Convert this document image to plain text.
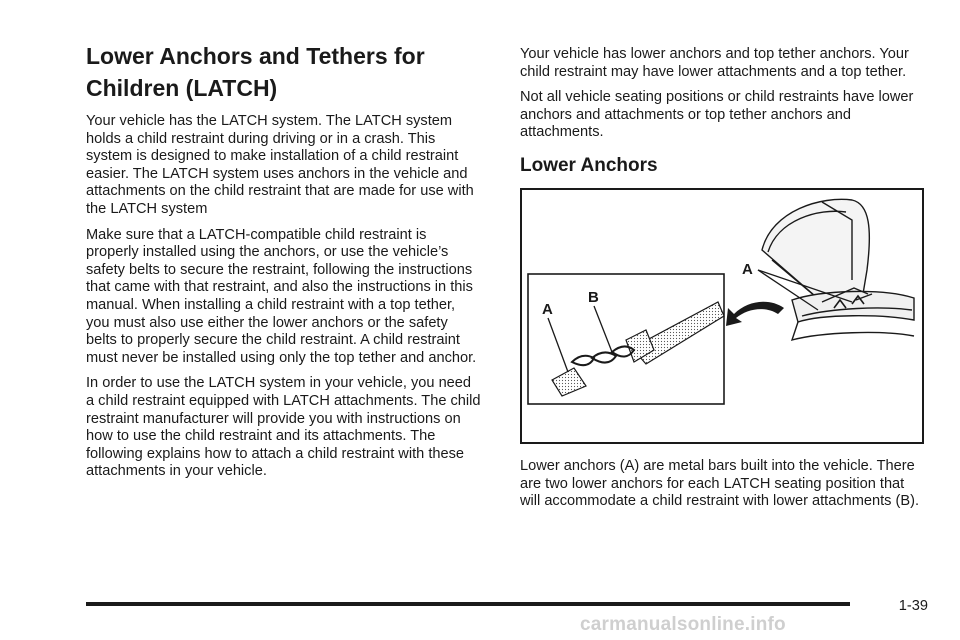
Lower Anchors and Tethers for
Children (LATCH)

Your vehicle has the LATCH system. The LATCH system holds a child restraint during driving or in a crash. This system is designed to make installation of a child restraint easier. The LATCH system uses anchors in the vehicle and attachments on the child restraint that are made for use with the LATCH system

Make sure that a LATCH-compatible child restraint is properly installed using the anchors, or use the vehicle’s safety belts to secure the restraint, following the instructions that came with that restraint, and also the instructions in this manual. When installing a child restraint with a top tether, you must also use either the lower anchors or the safety belts to properly secure the child restraint. A child restraint must never be installed using only the top tether and anchor.

In order to use the LATCH system in your vehicle, you need a child restraint equipped with LATCH attachments. The child restraint manufacturer will provide you with instructions on how to use the child restraint and its attachments. The following explains how to attach a child restraint with these attachments in your vehicle.

Your vehicle has lower anchors and top tether anchors. Your child restraint may have lower attachments and a top tether.

Not all vehicle seating positions or child restraints have lower anchors and attachments or top tether anchors and attachments.

Lower Anchors
A
B
A

Lower anchors (A) are metal bars built into the vehicle. There are two lower anchors for each LATCH seating position that will accommodate a child restraint with lower attachments (B).

1-39
carmanualsonline.info
